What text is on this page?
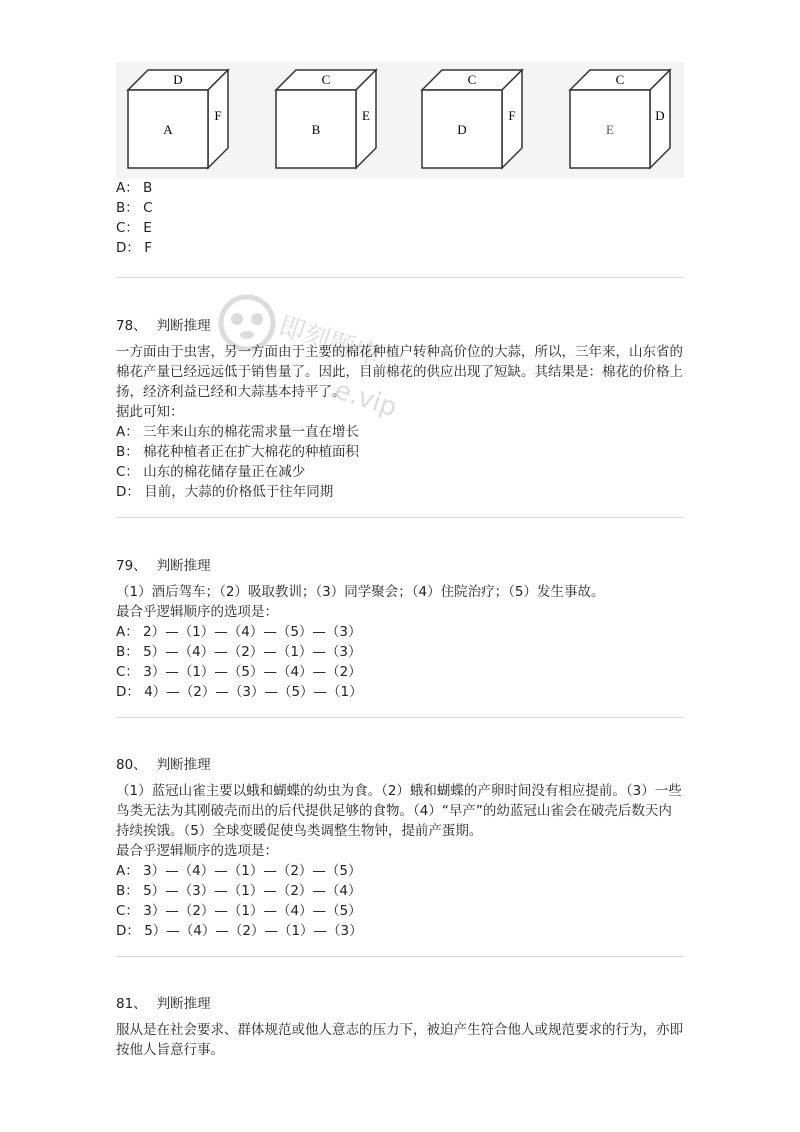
A
D
F
B
C
E
D
C
F
E
C
D
A： B
B： C
C： E
D： F
即刻题库
e.vip
78、 判断推理
一方面由于虫害，另一方面由于主要的棉花种植户转种高价位的大蒜，所以，三年来，山东省的棉花产量已经远远低于销售量了。因此，目前棉花的供应出现了短缺。其结果是：棉花的价格上扬，经济利益已经和大蒜基本持平了。
据此可知：
A： 三年来山东的棉花需求量一直在增长
B： 棉花种植者正在扩大棉花的种植面积
C： 山东的棉花储存量正在减少
D： 目前，大蒜的价格低于往年同期
79、 判断推理
（1）酒后驾车；（2）吸取教训；（3）同学聚会；（4）住院治疗；（5）发生事故。
最合乎逻辑顺序的选项是：
A： 2）—（1）—（4）—（5）—（3）
B： 5）—（4）—（2）—（1）—（3）
C： 3）—（1）—（5）—（4）—（2）
D： 4）—（2）—（3）—（5）—（1）
80、 判断推理
（1）蓝冠山雀主要以蛾和蝴蝶的幼虫为食。（2）蛾和蝴蝶的产卵时间没有相应提前。（3）一些鸟类无法为其刚破壳而出的后代提供足够的食物。（4）“早产”的幼蓝冠山雀会在破壳后数天内持续挨饿。（5）全球变暖促使鸟类调整生物钟，提前产蛋期。
最合乎逻辑顺序的选项是：
A： 3）—（4）—（1）—（2）—（5）
B： 5）—（3）—（1）—（2）—（4）
C： 3）—（2）—（1）—（4）—（5）
D： 5）—（4）—（2）—（1）—（3）
81、 判断推理
服从是在社会要求、群体规范或他人意志的压力下，被迫产生符合他人或规范要求的行为，亦即按他人旨意行事。
